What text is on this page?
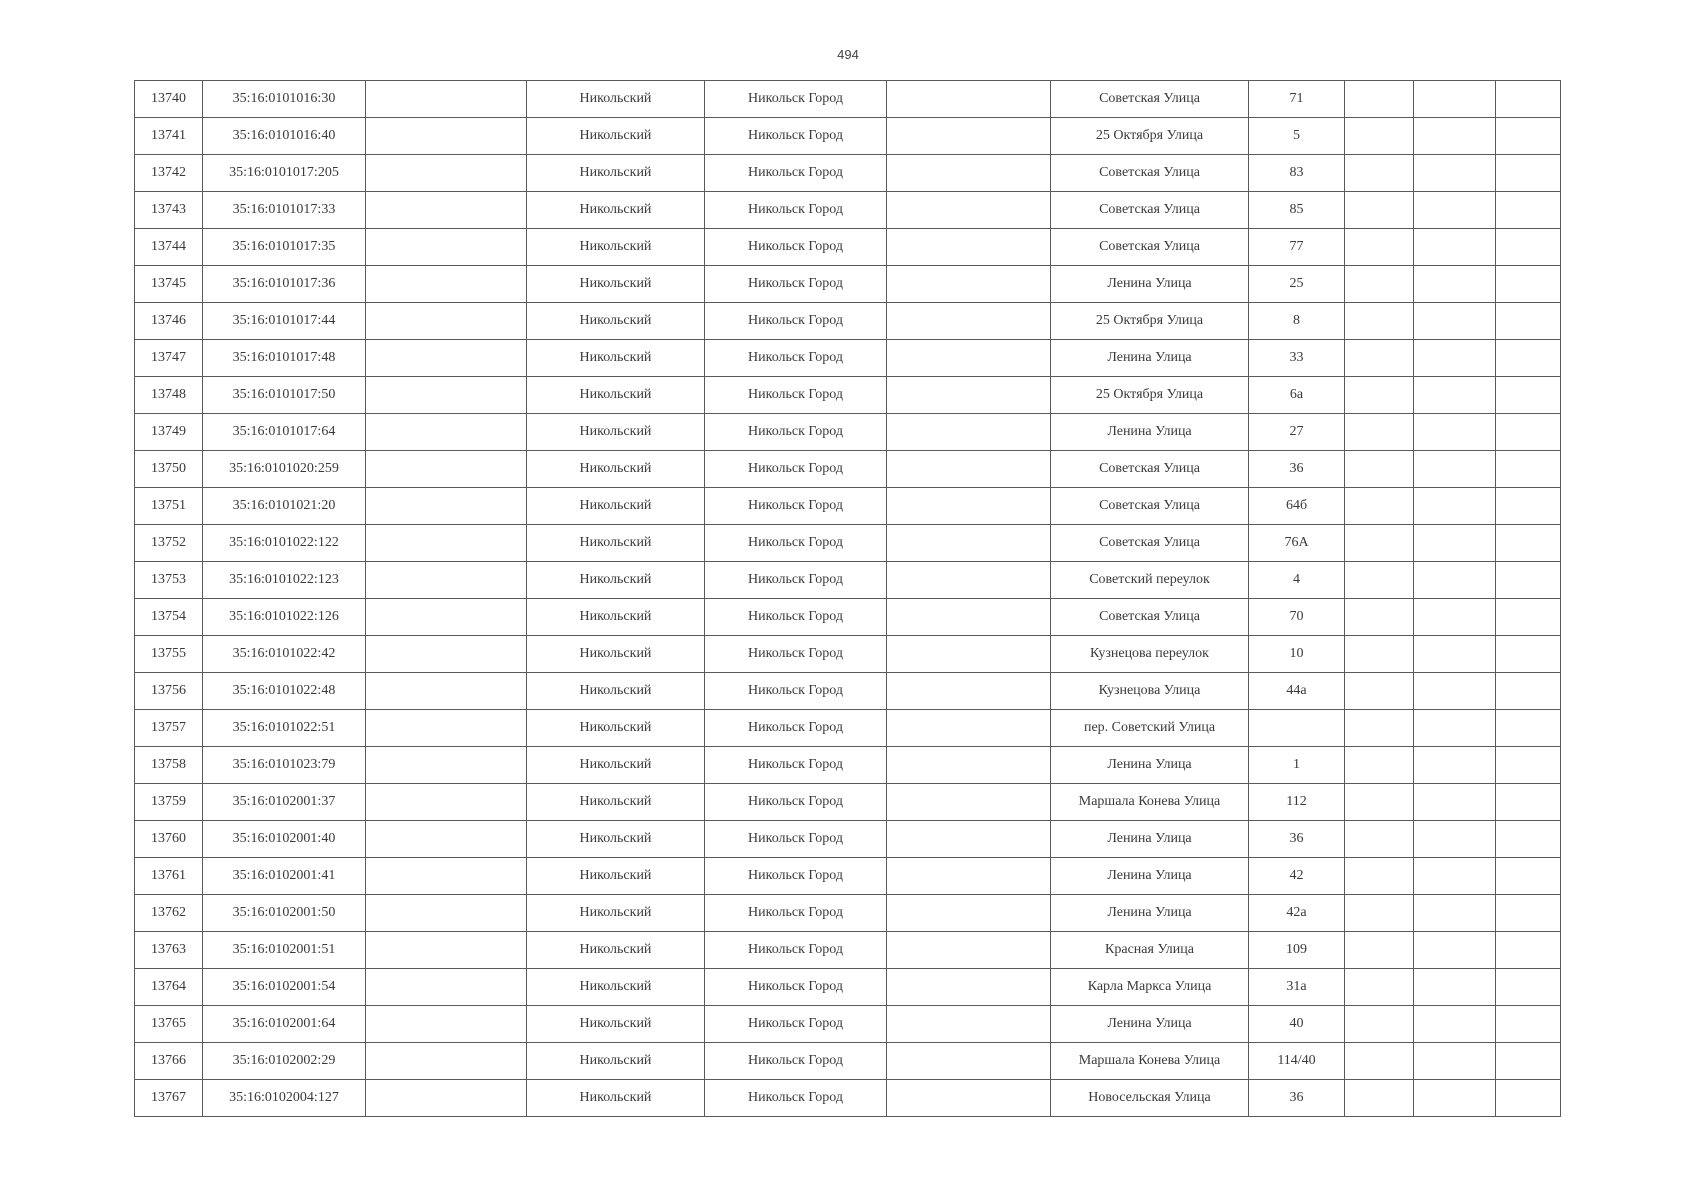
494
13740	35:16:0101016:30		Никольский	Никольск Город		Советская Улица	71			
13741	35:16:0101016:40		Никольский	Никольск Город		25 Октября Улица	5			
13742	35:16:0101017:205		Никольский	Никольск Город		Советская Улица	83			
13743	35:16:0101017:33		Никольский	Никольск Город		Советская Улица	85			
13744	35:16:0101017:35		Никольский	Никольск Город		Советская Улица	77			
13745	35:16:0101017:36		Никольский	Никольск Город		Ленина Улица	25			
13746	35:16:0101017:44		Никольский	Никольск Город		25 Октября Улица	8			
13747	35:16:0101017:48		Никольский	Никольск Город		Ленина Улица	33			
13748	35:16:0101017:50		Никольский	Никольск Город		25 Октября Улица	6а			
13749	35:16:0101017:64		Никольский	Никольск Город		Ленина Улица	27			
13750	35:16:0101020:259		Никольский	Никольск Город		Советская Улица	36			
13751	35:16:0101021:20		Никольский	Никольск Город		Советская Улица	64б			
13752	35:16:0101022:122		Никольский	Никольск Город		Советская Улица	76А			
13753	35:16:0101022:123		Никольский	Никольск Город		Советский переулок	4			
13754	35:16:0101022:126		Никольский	Никольск Город		Советская Улица	70			
13755	35:16:0101022:42		Никольский	Никольск Город		Кузнецова переулок	10			
13756	35:16:0101022:48		Никольский	Никольск Город		Кузнецова Улица	44а			
13757	35:16:0101022:51		Никольский	Никольск Город		пер. Советский Улица				
13758	35:16:0101023:79		Никольский	Никольск Город		Ленина Улица	1			
13759	35:16:0102001:37		Никольский	Никольск Город		Маршала Конева Улица	112			
13760	35:16:0102001:40		Никольский	Никольск Город		Ленина Улица	36			
13761	35:16:0102001:41		Никольский	Никольск Город		Ленина Улица	42			
13762	35:16:0102001:50		Никольский	Никольск Город		Ленина Улица	42а			
13763	35:16:0102001:51		Никольский	Никольск Город		Красная Улица	109			
13764	35:16:0102001:54		Никольский	Никольск Город		Карла Маркса Улица	31а			
13765	35:16:0102001:64		Никольский	Никольск Город		Ленина Улица	40			
13766	35:16:0102002:29		Никольский	Никольск Город		Маршала Конева Улица	114/40			
13767	35:16:0102004:127		Никольский	Никольск Город		Новосельская Улица	36			
